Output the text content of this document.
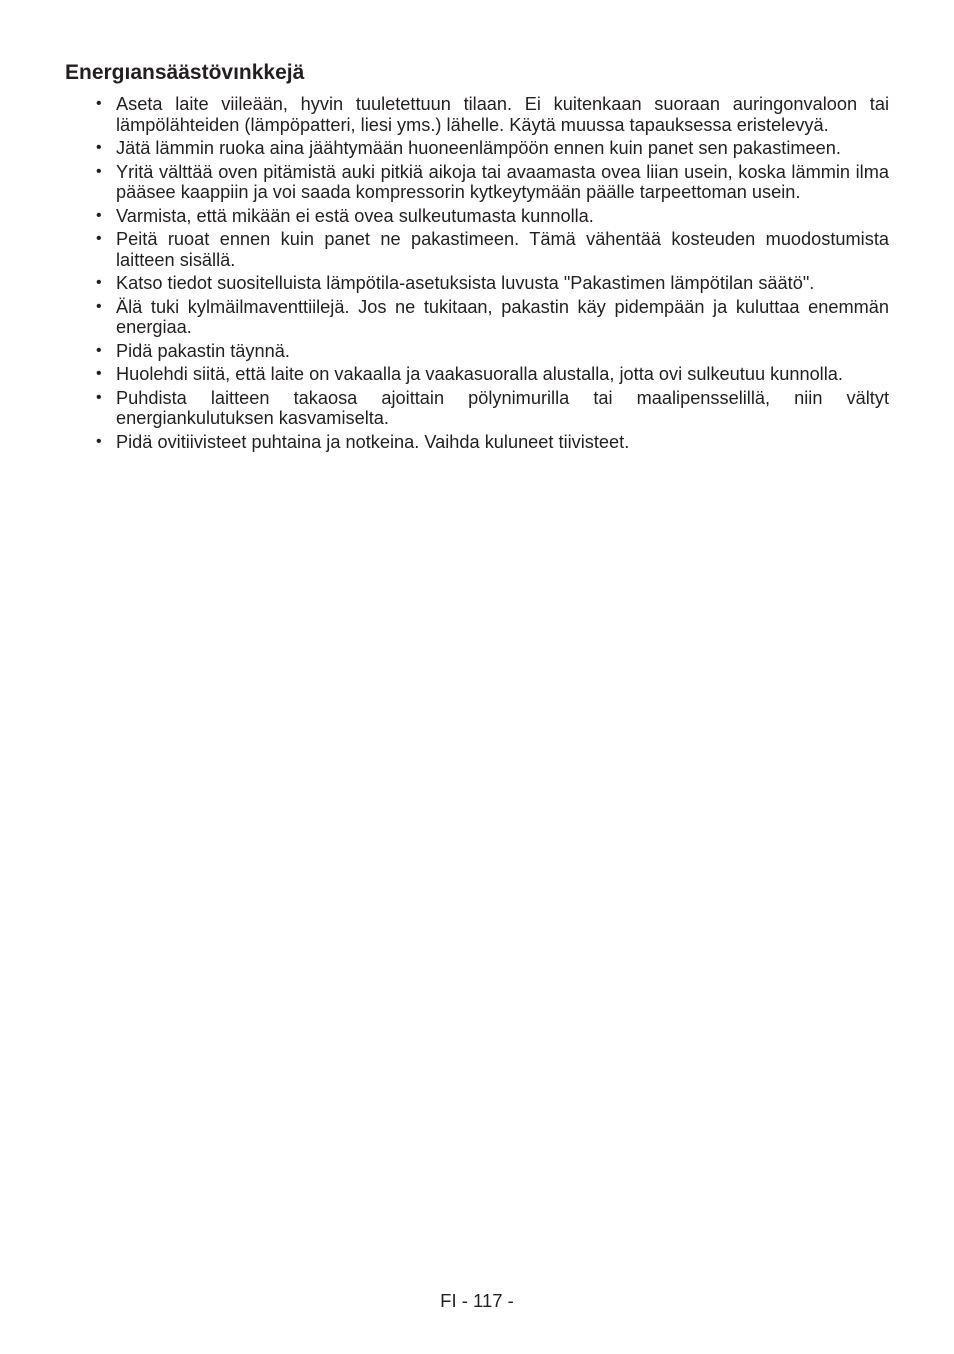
Energıansäästövınkkejä
• Aseta laite viileään, hyvin tuuletettuun tilaan. Ei kuitenkaan suoraan auringonvaloon tai lämpölähteiden (lämpöpatteri, liesi yms.) lähelle. Käytä muussa tapauksessa eristelevyä.
• Jätä lämmin ruoka aina jäähtymään huoneenlämpöön ennen kuin panet sen pakastimeen.
• Yritä välttää oven pitämistä auki pitkiä aikoja tai avaamasta ovea liian usein, koska lämmin ilma pääsee kaappiin ja voi saada kompressorin kytkeytymään päälle tarpeettoman usein.
• Varmista, että mikään ei estä ovea sulkeutumasta kunnolla.
• Peitä ruoat ennen kuin panet ne pakastimeen. Tämä vähentää kosteuden muodostumista laitteen sisällä.
• Katso tiedot suositelluista lämpötila-asetuksista luvusta "Pakastimen lämpötilan säätö".
• Älä tuki kylmäilmaventtiilejä. Jos ne tukitaan, pakastin käy pidempään ja kuluttaa enemmän energiaa.
• Pidä pakastin täynnä.
• Huolehdi siitä, että laite on vakaalla ja vaakasuoralla alustalla, jotta ovi sulkeutuu kunnolla.
• Puhdista laitteen takaosa ajoittain pölynimurilla tai maalipensselillä, niin vältyt energiankulutuksen kasvamiselta.
• Pidä ovitiivisteet puhtaina ja notkeina. Vaihda kuluneet tiivisteet.
FI - 117 -
